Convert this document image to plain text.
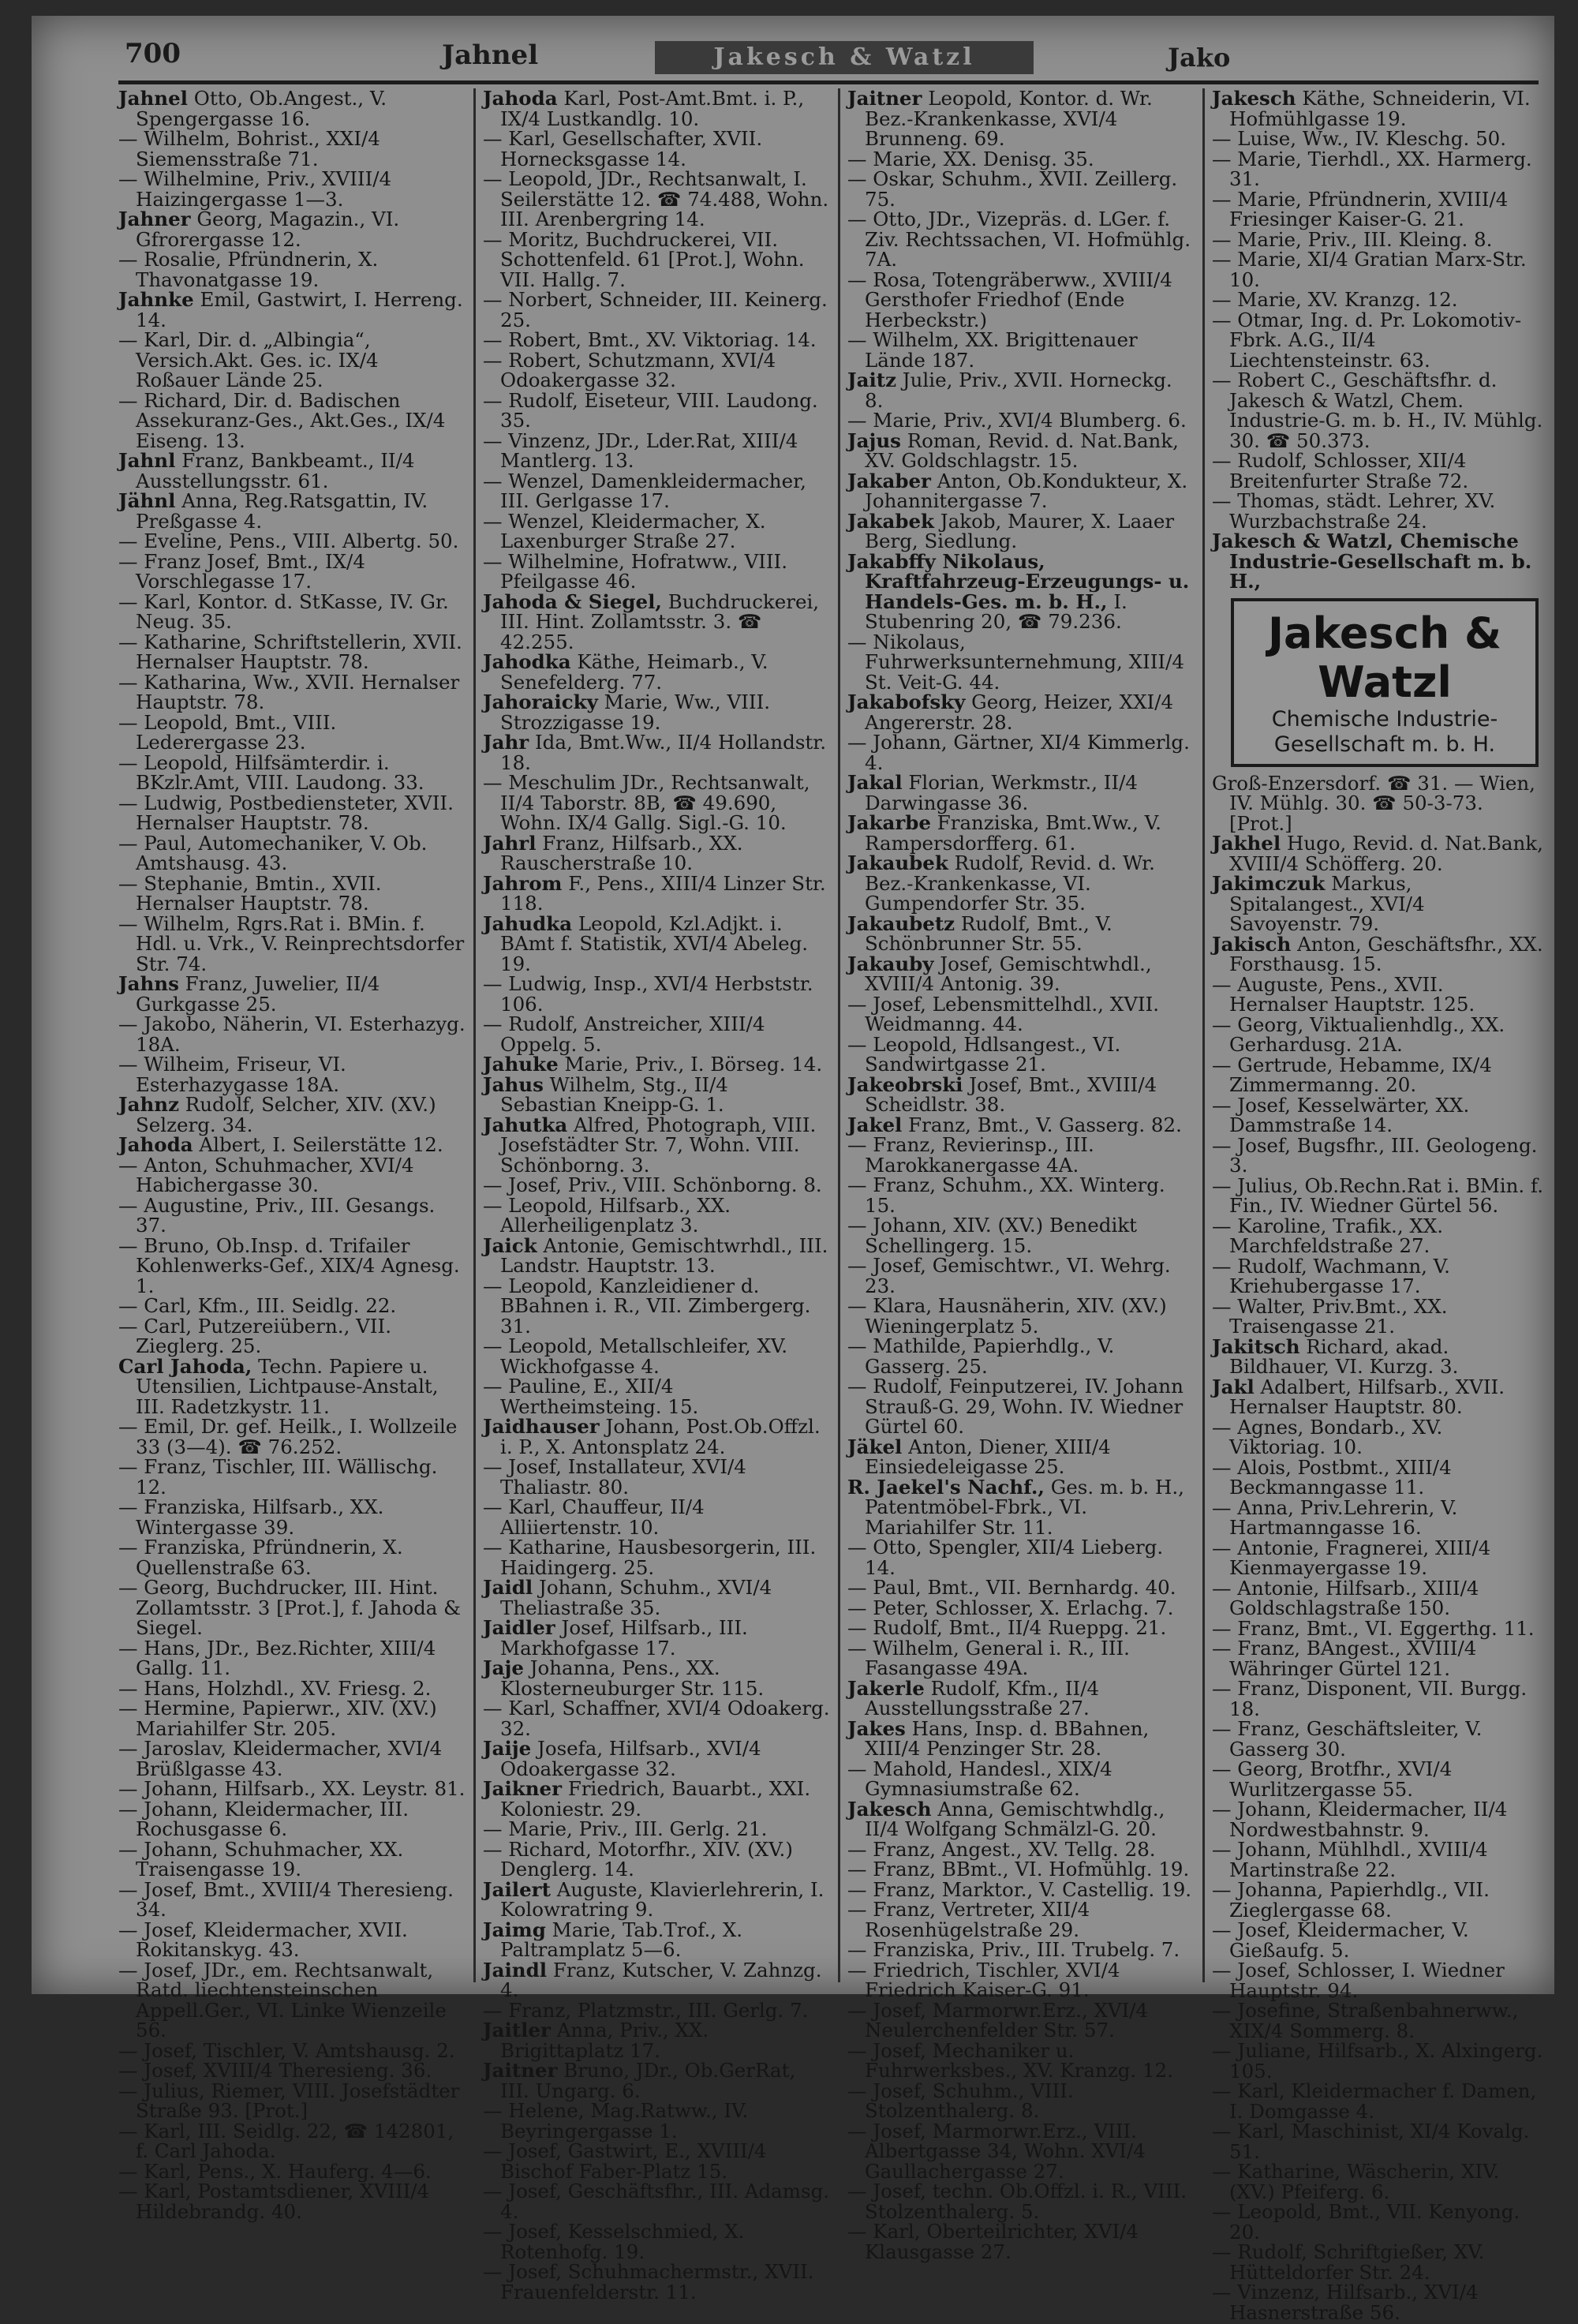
700	Jahnel	Jakesch & Watzl	Jako

Jahnel Otto, Ob.Angest., V. Spengergasse 16.

— Wilhelm, Bohrist., XXI/4 Siemensstraße 71.

— Wilhelmine, Priv., XVIII/4 Haizingergasse 1—3.

Jahner Georg, Magazin., VI. Gfrorergasse 12.

— Rosalie, Pfründnerin, X. Thavonatgasse 19.

Jahnke Emil, Gastwirt, I. Herreng. 14.

— Karl, Dir. d. „Albingia“, Versich.Akt. Ges. ic. IX/4 Roßauer Lände 25.

— Richard, Dir. d. Badischen Assekuranz-Ges., Akt.Ges., IX/4 Eiseng. 13.

Jahnl Franz, Bankbeamt., II/4 Ausstellungsstr. 61.

Jähnl Anna, Reg.Ratsgattin, IV. Preßgasse 4.

— Eveline, Pens., VIII. Albertg. 50.

— Franz Josef, Bmt., IX/4 Vorschlegasse 17.

— Karl, Kontor. d. StKasse, IV. Gr. Neug. 35.

— Katharine, Schriftstellerin, XVII. Hernalser Hauptstr. 78.

— Katharina, Ww., XVII. Hernalser Hauptstr. 78.

— Leopold, Bmt., VIII. Lederergasse 23.

— Leopold, Hilfsämterdir. i. BKzlr.Amt, VIII. Laudong. 33.

— Ludwig, Postbediensteter, XVII. Hernalser Hauptstr. 78.

— Paul, Automechaniker, V. Ob. Amtshausg. 43.

— Stephanie, Bmtin., XVII. Hernalser Hauptstr. 78.

— Wilhelm, Rgrs.Rat i. BMin. f. Hdl. u. Vrk., V. Reinprechtsdorfer Str. 74.

Jahns Franz, Juwelier, II/4 Gurkgasse 25.

— Jakobo, Näherin, VI. Esterhazyg. 18A.

— Wilheim, Friseur, VI. Esterhazygasse 18A.

Jahnz Rudolf, Selcher, XIV. (XV.) Selzerg. 34.

Jahoda Albert, I. Seilerstätte 12.

— Anton, Schuhmacher, XVI/4 Habichergasse 30.

— Augustine, Priv., III. Gesangs. 37.

— Bruno, Ob.Insp. d. Trifailer Kohlenwerks-Gef., XIX/4 Agnesg. 1.

— Carl, Kfm., III. Seidlg. 22.

— Carl, Putzereiübern., VII. Zieglerg. 25.

Carl Jahoda, Techn. Papiere u. Utensilien, Lichtpause-Anstalt, III. Radetzkystr. 11.

— Emil, Dr. gef. Heilk., I. Wollzeile 33 (3—4). ☎ 76.252.

— Franz, Tischler, III. Wällischg. 12.

— Franziska, Hilfsarb., XX. Wintergasse 39.

— Franziska, Pfründnerin, X. Quellenstraße 63.

— Georg, Buchdrucker, III. Hint. Zollamtsstr. 3 [Prot.], f. Jahoda & Siegel.

— Hans, JDr., Bez.Richter, XIII/4 Gallg. 11.

— Hans, Holzhdl., XV. Friesg. 2.

— Hermine, Papierwr., XIV. (XV.) Mariahilfer Str. 205.

— Jaroslav, Kleidermacher, XVI/4 Brüßlgasse 43.

— Johann, Hilfsarb., XX. Leystr. 81.

— Johann, Kleidermacher, III. Rochusgasse 6.

— Johann, Schuhmacher, XX. Traisengasse 19.

— Josef, Bmt., XVIII/4 Theresieng. 34.

— Josef, Kleidermacher, XVII. Rokitanskyg. 43.

— Josef, JDr., em. Rechtsanwalt, Ratd. liechtensteinschen Appell.Ger., VI. Linke Wienzeile 56.

— Josef, Tischler, V. Amtshausg. 2.

— Josef, XVIII/4 Theresieng. 36.

— Julius, Riemer, VIII. Josefstädter Straße 93. [Prot.]

— Karl, III. Seidlg. 22, ☎ 142801, f. Carl Jahoda.

— Karl, Pens., X. Hauferg. 4—6.

— Karl, Postamtsdiener, XVIII/4 Hildebrandg. 40.

Jahoda Karl, Post-Amt.Bmt. i. P., IX/4 Lustkandlg. 10.

— Karl, Gesellschafter, XVII. Hornecksgasse 14.

— Leopold, JDr., Rechtsanwalt, I. Seilerstätte 12. ☎ 74.488, Wohn. III. Arenbergring 14.

— Moritz, Buchdruckerei, VII. Schottenfeld. 61 [Prot.], Wohn. VII. Hallg. 7.

— Norbert, Schneider, III. Keinerg. 25.

— Robert, Bmt., XV. Viktoriag. 14.

— Robert, Schutzmann, XVI/4 Odoakergasse 32.

— Rudolf, Eiseteur, VIII. Laudong. 35.

— Vinzenz, JDr., Lder.Rat, XIII/4 Mantlerg. 13.

— Wenzel, Damenkleidermacher, III. Gerlgasse 17.

— Wenzel, Kleidermacher, X. Laxenburger Straße 27.

— Wilhelmine, Hofratww., VIII. Pfeilgasse 46.

Jahoda & Siegel, Buchdruckerei, III. Hint. Zollamtsstr. 3. ☎ 42.255.

Jahodka Käthe, Heimarb., V. Senefelderg. 77.

Jahoraicky Marie, Ww., VIII. Strozzigasse 19.

Jahr Ida, Bmt.Ww., II/4 Hollandstr. 18.

— Meschulim JDr., Rechtsanwalt, II/4 Taborstr. 8B, ☎ 49.690, Wohn. IX/4 Gallg. Sigl.-G. 10.

Jahrl Franz, Hilfsarb., XX. Rauscherstraße 10.

Jahrom F., Pens., XIII/4 Linzer Str. 118.

Jahudka Leopold, Kzl.Adjkt. i. BAmt f. Statistik, XVI/4 Abeleg. 19.

— Ludwig, Insp., XVI/4 Herbststr. 106.

— Rudolf, Anstreicher, XIII/4 Oppelg. 5.

Jahuke Marie, Priv., I. Börseg. 14.

Jahus Wilhelm, Stg., II/4 Sebastian Kneipp-G. 1.

Jahutka Alfred, Photograph, VIII. Josefstädter Str. 7, Wohn. VIII. Schönborng. 3.

— Josef, Priv., VIII. Schönborng. 8.

— Leopold, Hilfsarb., XX. Allerheiligenplatz 3.

Jaick Antonie, Gemischtwrhdl., III. Landstr. Hauptstr. 13.

— Leopold, Kanzleidiener d. BBahnen i. R., VII. Zimbergerg. 31.

— Leopold, Metallschleifer, XV. Wickhofgasse 4.

— Pauline, E., XII/4 Wertheimsteing. 15.

Jaidhauser Johann, Post.Ob.Offzl. i. P., X. Antonsplatz 24.

— Josef, Installateur, XVI/4 Thaliastr. 80.

— Karl, Chauffeur, II/4 Alliiertenstr. 10.

— Katharine, Hausbesorgerin, III. Haidingerg. 25.

Jaidl Johann, Schuhm., XVI/4 Theliastraße 35.

Jaidler Josef, Hilfsarb., III. Markhofgasse 17.

Jaje Johanna, Pens., XX. Klosterneuburger Str. 115.

— Karl, Schaffner, XVI/4 Odoakerg. 32.

Jaije Josefa, Hilfsarb., XVI/4 Odoakergasse 32.

Jaikner Friedrich, Bauarbt., XXI. Koloniestr. 29.

— Marie, Priv., III. Gerlg. 21.

— Richard, Motorfhr., XIV. (XV.) Denglerg. 14.

Jailert Auguste, Klavierlehrerin, I. Kolowratring 9.

Jaimg Marie, Tab.Trof., X. Paltramplatz 5—6.

Jaindl Franz, Kutscher, V. Zahnzg. 4.

— Franz, Platzmstr., III. Gerlg. 7.

Jaitler Anna, Priv., XX. Brigittaplatz 17.

Jaitner Bruno, JDr., Ob.GerRat, III. Ungarg. 6.

— Helene, Mag.Ratww., IV. Beyringergasse 1.

— Josef, Gastwirt, E., XVIII/4 Bischof Faber-Platz 15.

— Josef, Geschäftsfhr., III. Adamsg. 4.

— Josef, Kesselschmied, X. Rotenhofg. 19.

— Josef, Schuhmachermstr., XVII. Frauenfelderstr. 11.

Jaitner Leopold, Kontor. d. Wr. Bez.-Krankenkasse, XVI/4 Brunneng. 69.

— Marie, XX. Denisg. 35.

— Oskar, Schuhm., XVII. Zeillerg. 75.

— Otto, JDr., Vizepräs. d. LGer. f. Ziv. Rechtssachen, VI. Hofmühlg. 7A.

— Rosa, Totengräberww., XVIII/4 Gersthofer Friedhof (Ende Herbeckstr.)

— Wilhelm, XX. Brigittenauer Lände 187.

Jaitz Julie, Priv., XVII. Horneckg. 8.

— Marie, Priv., XVI/4 Blumberg. 6.

Jajus Roman, Revid. d. Nat.Bank, XV. Goldschlagstr. 15.

Jakaber Anton, Ob.Kondukteur, X. Johannitergasse 7.

Jakabek Jakob, Maurer, X. Laaer Berg, Siedlung.

Jakabffy Nikolaus, Kraftfahrzeug-Erzeugungs- u. Handels-Ges. m. b. H., I. Stubenring 20, ☎ 79.236.

— Nikolaus, Fuhrwerksunternehmung, XIII/4 St. Veit-G. 44.

Jakabofsky Georg, Heizer, XXI/4 Angererstr. 28.

— Johann, Gärtner, XI/4 Kimmerlg. 4.

Jakal Florian, Werkmstr., II/4 Darwingasse 36.

Jakarbe Franziska, Bmt.Ww., V. Rampersdorfferg. 61.

Jakaubek Rudolf, Revid. d. Wr. Bez.-Krankenkasse, VI. Gumpendorfer Str. 35.

Jakaubetz Rudolf, Bmt., V. Schönbrunner Str. 55.

Jakauby Josef, Gemischtwhdl., XVIII/4 Antonig. 39.

— Josef, Lebensmittelhdl., XVII. Weidmanng. 44.

— Leopold, Hdlsangest., VI. Sandwirtgasse 21.

Jakeobrski Josef, Bmt., XVIII/4 Scheidlstr. 38.

Jakel Franz, Bmt., V. Gasserg. 82.

— Franz, Revierinsp., III. Marokkanergasse 4A.

— Franz, Schuhm., XX. Winterg. 15.

— Johann, XIV. (XV.) Benedikt Schellingerg. 15.

— Josef, Gemischtwr., VI. Wehrg. 23.

— Klara, Hausnäherin, XIV. (XV.) Wieningerplatz 5.

— Mathilde, Papierhdlg., V. Gasserg. 25.

— Rudolf, Feinputzerei, IV. Johann Strauß-G. 29, Wohn. IV. Wiedner Gürtel 60.

Jäkel Anton, Diener, XIII/4 Einsiedeleigasse 25.

R. Jaekel's Nachf., Ges. m. b. H., Patentmöbel-Fbrk., VI. Mariahilfer Str. 11.

— Otto, Spengler, XII/4 Lieberg. 14.

— Paul, Bmt., VII. Bernhardg. 40.

— Peter, Schlosser, X. Erlachg. 7.

— Rudolf, Bmt., II/4 Rueppg. 21.

— Wilhelm, General i. R., III. Fasangasse 49A.

Jakerle Rudolf, Kfm., II/4 Ausstellungsstraße 27.

Jakes Hans, Insp. d. BBahnen, XIII/4 Penzinger Str. 28.

— Mahold, Handesl., XIX/4 Gymnasiumstraße 62.

Jakesch Anna, Gemischtwhdlg., II/4 Wolfgang Schmälzl-G. 20.

— Franz, Angest., XV. Tellg. 28.

— Franz, BBmt., VI. Hofmühlg. 19.

— Franz, Marktor., V. Castellig. 19.

— Franz, Vertreter, XII/4 Rosenhügelstraße 29.

— Franziska, Priv., III. Trubelg. 7.

— Friedrich, Tischler, XVI/4 Friedrich Kaiser-G. 91.

— Josef, Marmorwr.Erz., XVI/4 Neulerchenfelder Str. 57.

— Josef, Mechaniker u. Fuhrwerksbes., XV. Kranzg. 12.

— Josef, Schuhm., VIII. Stolzenthalerg. 8.

— Josef, Marmorwr.Erz., VIII. Albertgasse 34, Wohn. XVI/4 Gaullachergasse 27.

— Josef, techn. Ob.Offzl. i. R., VIII. Stolzenthalerg. 5.

— Karl, Oberteilrichter, XVI/4 Klausgasse 27.

Jakesch Käthe, Schneiderin, VI. Hofmühlgasse 19.

— Luise, Ww., IV. Kleschg. 50.

— Marie, Tierhdl., XX. Harmerg. 31.

— Marie, Pfründnerin, XVIII/4 Friesinger Kaiser-G. 21.

— Marie, Priv., III. Kleing. 8.

— Marie, XI/4 Gratian Marx-Str. 10.

— Marie, XV. Kranzg. 12.

— Otmar, Ing. d. Pr. Lokomotiv-Fbrk. A.G., II/4 Liechtensteinstr. 63.

— Robert C., Geschäftsfhr. d. Jakesch & Watzl, Chem. Industrie-G. m. b. H., IV. Mühlg. 30. ☎ 50.373.

— Rudolf, Schlosser, XII/4 Breitenfurter Straße 72.

— Thomas, städt. Lehrer, XV. Wurzbachstraße 24.

Jakesch & Watzl, Chemische Industrie-Gesellschaft m. b. H.,

Jakesch & Watzl
Chemische Industrie-
Gesellschaft m. b. H.

Groß-Enzersdorf. ☎ 31. — Wien, IV. Mühlg. 30. ☎ 50-3-73. [Prot.]

Jakhel Hugo, Revid. d. Nat.Bank, XVIII/4 Schöfferg. 20.

Jakimczuk Markus, Spitalangest., XVI/4 Savoyenstr. 79.

Jakisch Anton, Geschäftsfhr., XX. Forsthausg. 15.

— Auguste, Pens., XVII. Hernalser Hauptstr. 125.

— Georg, Viktualienhdlg., XX. Gerhardusg. 21A.

— Gertrude, Hebamme, IX/4 Zimmermanng. 20.

— Josef, Kesselwärter, XX. Dammstraße 14.

— Josef, Bugsfhr., III. Geologeng. 3.

— Julius, Ob.Rechn.Rat i. BMin. f. Fin., IV. Wiedner Gürtel 56.

— Karoline, Trafik., XX. Marchfeldstraße 27.

— Rudolf, Wachmann, V. Kriehubergasse 17.

— Walter, Priv.Bmt., XX. Traisengasse 21.

Jakitsch Richard, akad. Bildhauer, VI. Kurzg. 3.

Jakl Adalbert, Hilfsarb., XVII. Hernalser Hauptstr. 80.

— Agnes, Bondarb., XV. Viktoriag. 10.

— Alois, Postbmt., XIII/4 Beckmanngasse 11.

— Anna, Priv.Lehrerin, V. Hartmanngasse 16.

— Antonie, Fragnerei, XIII/4 Kienmayergasse 19.

— Antonie, Hilfsarb., XIII/4 Goldschlagstraße 150.

— Franz, Bmt., VI. Eggerthg. 11.

— Franz, BAngest., XVIII/4 Währinger Gürtel 121.

— Franz, Disponent, VII. Burgg. 18.

— Franz, Geschäftsleiter, V. Gasserg 30.

— Georg, Brotfhr., XVI/4 Wurlitzergasse 55.

— Johann, Kleidermacher, II/4 Nordwestbahnstr. 9.

— Johann, Mühlhdl., XVIII/4 Martinstraße 22.

— Johanna, Papierhdlg., VII. Zieglergasse 68.

— Josef, Kleidermacher, V. Gießaufg. 5.

— Josef, Schlosser, I. Wiedner Hauptstr. 94.

— Josefine, Straßenbahnerww., XIX/4 Sommerg. 8.

— Juliane, Hilfsarb., X. Alxingerg. 105.

— Karl, Kleidermacher f. Damen, I. Domgasse 4.

— Karl, Maschinist, XI/4 Kovalg. 51.

— Katharine, Wäscherin, XIV. (XV.) Pfeiferg. 6.

— Leopold, Bmt., VII. Kenyong. 20.

— Rudolf, Schriftgießer, XV. Hütteldorfer Str. 24.

— Vinzenz, Hilfsarb., XVI/4 Hasnerstraße 56.
